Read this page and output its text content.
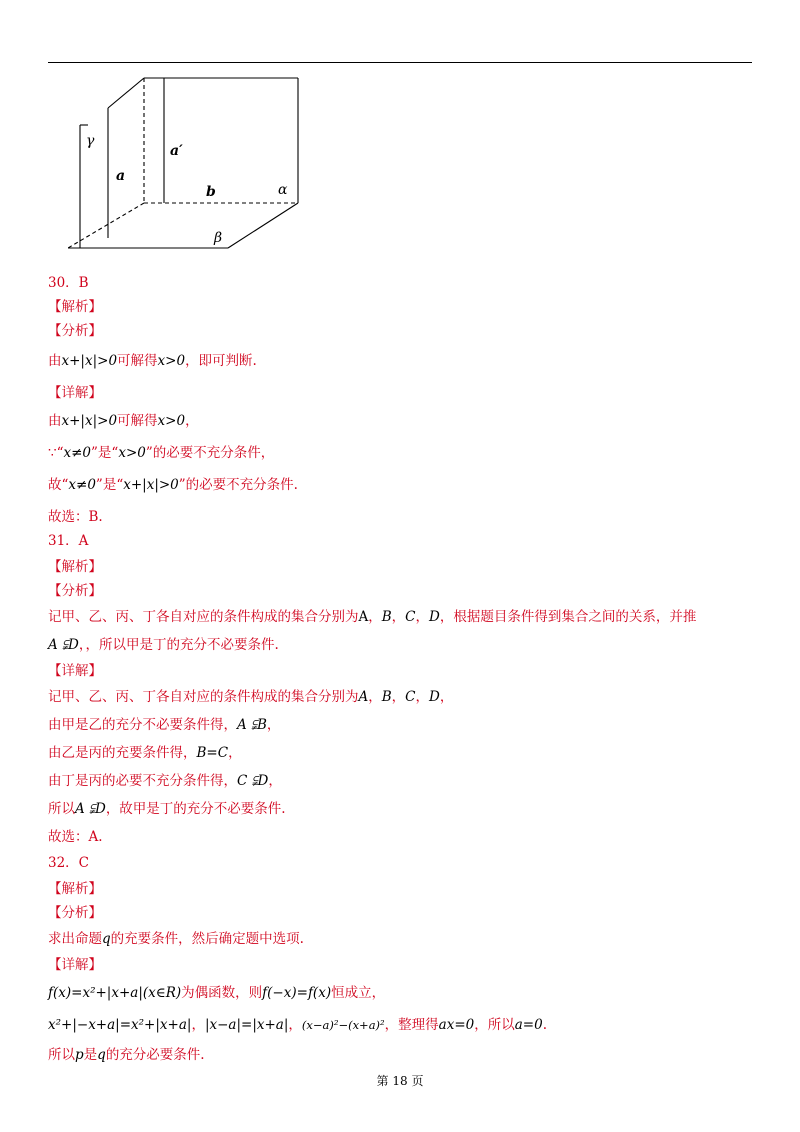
γ
a
a′
b	α
β
30．B
【解析】
【分析】
由x+|x|>0可解得x>0，即可判断.
【详解】
由x+|x|>0可解得x>0，
∵“x≠0”是“x>0”的必要不充分条件，
故“x≠0”是“x+|x|>0”的必要不充分条件.
故选：B.
31．A
【解析】
【分析】
记甲、乙、丙、丁各自对应的条件构成的集合分别为A，B，C，D，根据题目条件得到集合之间的关系，并推
A ⫋D，，所以甲是丁的充分不必要条件.
【详解】
记甲、乙、丙、丁各自对应的条件构成的集合分别为A，B，C，D，
由甲是乙的充分不必要条件得，A ⫋B，
由乙是丙的充要条件得，B=C，
由丁是丙的必要不充分条件得，C ⫋D，
所以A ⫋D，故甲是丁的充分不必要条件.
故选：A.
32．C
【解析】
【分析】
求出命题q的充要条件，然后确定题中选项.
【详解】
f(x)=x²+|x+a|(x∈R)为偶函数，则f(−x)=f(x)恒成立，
x²+|−x+a|=x²+|x+a|，|x−a|=|x+a|，(x−a)²−(x+a)²，整理得ax=0，所以a=0.
所以p是q的充分必要条件.
第 18 页
